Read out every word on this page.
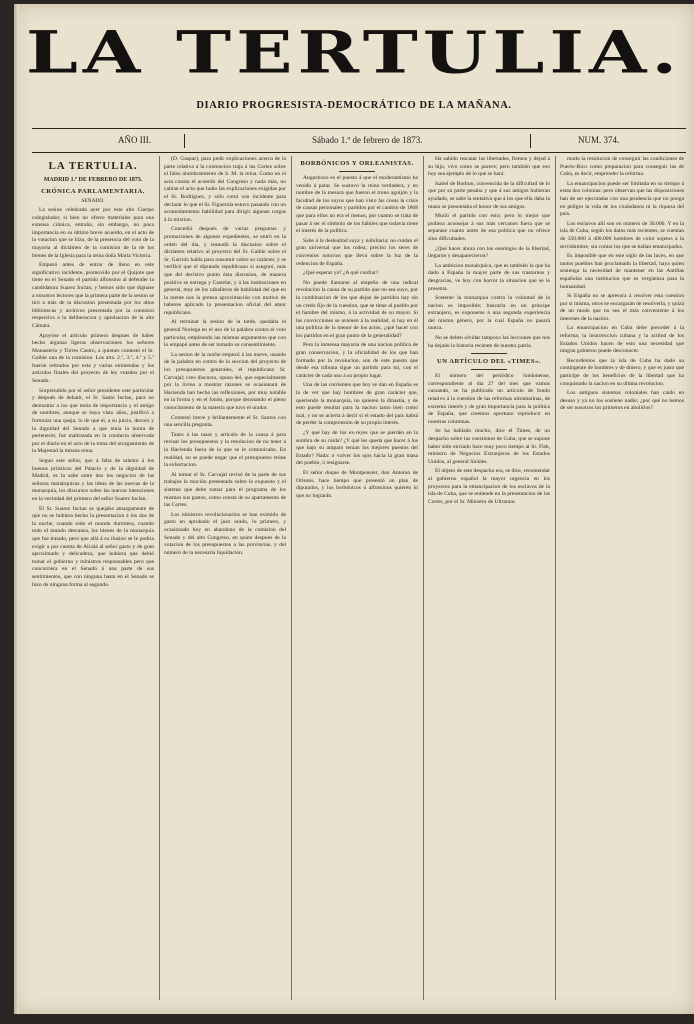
LA TERTULIA.
DIARIO PROGRESISTA-DEMOCRÁTICO DE LA MAÑANA.
AÑO III.	Sábado 1.º de febrero de 1873.	NUM. 374.
LA TERTULIA.
MADRID 1.º DE FEBRERO DE 1873.
CRÓNICA PARLAMENTARIA.
SENADO.

La sesion celebrada ayer por este alto Cuerpo colegislador, si bien no ofrece materiales para una extensa crónica, entraña, sin embargo, no poca importancia en su último breve acuerdo, en el acto de la votacion que se hizo, de la presencia del voto de la mayoría al dictámen de la comision de la de los bienes de la Iglesia para la reina doña María Victoria.

Empezó antes de entrar de lleno en este significativo incidente, promovido por el Quijote que tiene en el Senado el partido alfonsino al defender la candidatura Suarez Inclan, y hemos sido que dignase a nosotros lectores que la primera parte de la sesion se tiró a más de la discusion presentada por los altos bibliotecas y archivos presentada por la comision respectiva a la deliberacion y aprobacion de la alta Cámara.

Apoyóse el artículo primero despues de haber hecho algunas ligeras observaciones los señores Monasterio y Torres Castro, a quienes contestó el Sr. Gaible una de la comision. Los arts. 2.º, 3.º, 4.º y 5.º fueron retirados por esta y varias enmiendas y los artículos finales del proyecto de ley votados por el Senado.

Sorprendido por el señor presidente este particular y después de debatir, el Sr. Santo Inclan, para no demostrar a los que tenia de importancia y el amigo de nombres, aunque se haya visto años, justificó a formular una queja; lo de que el, a su juicio, decoro y la dignidad del Senado a que tenia la honra de pertenecer, fue maltratada en la conducta observada por el diario en el acto de la toma del otorgamiento de la Majestad la misma reina.

Segun este señor, que á falta de talento á los buenos priísticos del Palacio y de la dignidad de Madrid, es la sabe entre dos los negocios de las señoras monárquicas y las ideas de las nuevas de la monarquía, los discursos sobre las nuevas intenciones en la vecindad del primero del señor Suarez Inclan.

El Sr. Suarez Inclan se quejaba amargamente de que no se hubiera hecho la presentacion á los dos de la noche, cuando todo el mundo durmiera, cuando todo el mundo descansa, los bienes de la monarquía que fue tratado, pero que allá á su ilusion se le podria exigir a por cuenta de Alcalá al señor gasto y de gran aproximado y delicadeza, que hubiera que debió tomar el gobierno y ministros responsables pero que concurriera en el Senado á una parte de sus sentimientos, que con ninguna hasta en el Senado se hizo de ninguna forma al segundo.

(D. Gaspar), para pedir explicaciones acerca de la parte relativa á la conmocion traja á las Cortes sobre el falso alumbramiento de S. M. la reina. Como en el acta consta el acuerdo del Congreso y nada más, no cabian el acto que hubo las explicaciones exigidas por el Sr. Rodriguez, y sólo cortó son incidente para declarar lo que el Sr. Figuerola estuvo pasando con un acomodamiento habilidad para dirigir algunas cargas á la mixtion.

Concedió después de varias preguntas y promociones de algunos expedientes, se entró en la orden del dia, y reanudó la discusion sobre el dictámen relativo al proyecto del Sr. Gaible sobre el Sr. Garrido habla para reasumir sobre su carácter, y se verificó que el diputado republicano sí aseguró, más que del decisivo punto ésta discusion, de manera positiva se entrega y Castelar, y á las instituciones en general, muy de los caballeros de habilidad del que en la mente nos la prensa aproximación con motivo de haberse aplicado la presentacion oficial del amor republicano.

Al terminar la sesion de la tarde, quedaba el general Noriega en el uso de la palabra contra el voto particular, empleando las mismas argumentos que con lo empapó antes de ser tomado su consentimiento.

La sesion de la noche empezó á las nueve, usando de la palabra en contra de la seccion del proyecto de los presupuestos generales, el republicano Sr. Carvajal; creo discurso, opuso del, que especialmente por la livrea a mostrar razones se ocasionará de Hacienda han hecho las reflexiones, por muy notable en la forma y en el fondo, porque denotando el pleno conocimiento de la materia que tuvo el orador.

Contestó breve y brillantemente el Sr. Santos con una sencilla pregunta.

Tanto á las tasas y artículo de la causa á para revisar los presupuestos y la resolucion de no tener á la Hacienda fuera de la que se le comunicaba. En realidad, no se puede negar que el presupuesto reúne la exhortacion.

Al tomar el Sr. Carvajal revisó de la parte de sus trabajos la moción presentada sobre lo expuesto y el sistema que debe tomar para el programa de los mismos sus gastos, como consta de su apartamento de las Cortes.

Los ministros revolucionarios se han eximido de gasto en aprobado el juez orado, lo primero, y ocasionado hoy en abandono de la comision del Senado y del alto Congreso, en quien despues de la votacion de los presupuestos a las provincias, y del número de la necesaria liquidacion.

BORBÓNICOS Y ORLEANISTAS.

Angustioso es el puesto á que el moderantismo ha venido á parar. Se sostuvo la reina verdadera, y en nombre de la mesura que fueron el trono aguijón y la facultad de los suyos que han visto las cosas la crisis de causas personales y partidos por el cambio de 1868 que para ellos no era el menos, por cuanto se trata de pasar á ser el símbolo de los hábiles que todavía tiene el interés de la política.

Sabe á la deslealtad suya y nobiliaria; no cuidan el gran universal que los rodea; preciso los seres de convenios notorios que lleva sobre la luz de la redencion de España.

¿Qué esperar ya? ¿A qué confiar?

No puede llamarse al empeño de una radical revolucion la causa de su partido que no sea suyo, por la combinacion de los que dejan de partidos hay sin un credo fijo de la cuestion, que se tiene al pueblo por el hambre del mismo, á la actividad de su mayor. Si las convicciones se avienen á la realidad, si hay en él una política de la menor de los actos, ¿qué hacer con los partidos en el gran punto de la generalidad?

Pero la inmensa mayoría de una nacion política de gran conservacion, y la oficialidad de los que han formado por la revolucion, son de este puesto que desde esa tribuna sigue un partido para mí, con el carácter de cada uno á su propio lugar.

Una de las corrientes que hoy se dan en España es la de ver que hay hombres de gran carácter que, queriendo la monarquía, no quieren la dinastía, y de esto puede resultar para la nacion tanto bien como mal, y no se acierta á decir si el estado del país habrá de perder la comprension de su propio interés.

¿Y qué hay de los ex-reyes que se pierden en la sombra de su caída? ¿Y qué les queda que hacer á los que bajo su amparo tenian los mejores puestos del Estado? Nada: ó volver los ojos hácia la gran masa del pueblo, ó resignarse.

El señor duque de Montpensier, don Antonio de Orleans, hace tiempo que presentó un plan de diputados, y los borbónicos ó alfonsinos quieren lo que no lograrán.

Ha sabido rescatar las libertades, fiemos y dejad á su hijo, vivo como se parece; pero también que eso hoy sea ejemplo de lo que se hará.

Isabel de Borbon, convencida de la dificultad de lo que por su parte pesaba y que á sus amigos hubieran ayudado, se sabe la tentativa que á los que ella daba la mano se presentaba el honor de sus amigos.

Murió el partido con esto; pero lo mejor que pudiera aconsejar á sus más cercanos fuera que se separase cuanto antes de esa política que no ofrece sino dificultades.

¿Qué hacer ahora con los enemigos de la libertad, llegaron y desaparecieron?

La ambicion monárquica, que es también la que ha dado á España la mayor parte de sus trastornos y desgracias, ve hoy con horror la situacion que se le presenta.

Sostener la monarquía contra la voluntad de la nacion es imposible; buscarla en un príncipe extranjero, es exponerse á una segunda experiencia del mismo género, por la cual España no pasará nunca.

No se deben olvidar tampoco las lecciones que nos ha dejado la historia reciente de nuestra patria.

UN ARTÍCULO DEL «TIMES».

El número del periódico londonense, correspondiente al dia 27 del mes que vamos cursando, se ha publicado un artículo de fondo relativo á la cuestion de las reformas ultramarinas, de extremo interés y de gran importancia para la política de España, que creemos oportuno reproducir en nuestras columnas.

Se ha hablado mucho, dice el Times, de un despacho sobre las cuestiones de Cuba, que se supone haber sido enviado hace muy poco tiempo al Sr. Fish, ministro de Negocios Extranjeros de los Estados Unidos, al general Sickles.

El objeto de este despacho era, se dice, recomendar al gobierno español la mayor urgencia en los proyectos para la emancipacion de los esclavos de la isla de Cuba, que se entiende en la presentacion de las Cortes, por el Sr. Ministro de Ultramar.

mudo la resolucion de conseguir las condiciones de Puerto-Rico como preparacion para conseguir las de Cuba, es decir, emprender la reforma.

La emancipacion puede ser limitada en su tiempo á estas dos colonias: pero observan que las disposiciones han de ser ejecutadas con una prudencia que no ponga en peligro la vida de los ciudadanos ni la riqueza del país.

Los esclavos allí son en número de 30.000. Y en la isla de Cuba, según los datos más recientes, se cuentan de 350.000 á 400.000 hombres de color sujetos á la servidumbre, sin contar los que se hallan emancipados.

Es imposible que en este siglo de las luces, en que tantos pueblos han proclamado la libertad, haya quien sostenga la necesidad de mantener en las Antillas españolas una institucion que es vergüenza para la humanidad.

Si España no se apresura á resolver esta cuestion por sí misma, otros se encargarán de resolverla, y quizá de un modo que no sea el más conveniente á los intereses de la nacion.

La emancipacion en Cuba debe preceder á la reforma; la insurreccion cubana y la actitud de los Estados Unidos hacen de esto una necesidad que ningun gobierno puede desconocer.

Recordemos que la isla de Cuba ha dado su contingente de hombres y de dinero, y que es justo que participe de los beneficios de la libertad que ha conquistado la nacion en su última revolucion.

Los antiguos sistemas coloniales han caído en desuso y ya no los sostiene nadie; ¿por qué no hemos de ser nosotros los primeros en abolirlos?
